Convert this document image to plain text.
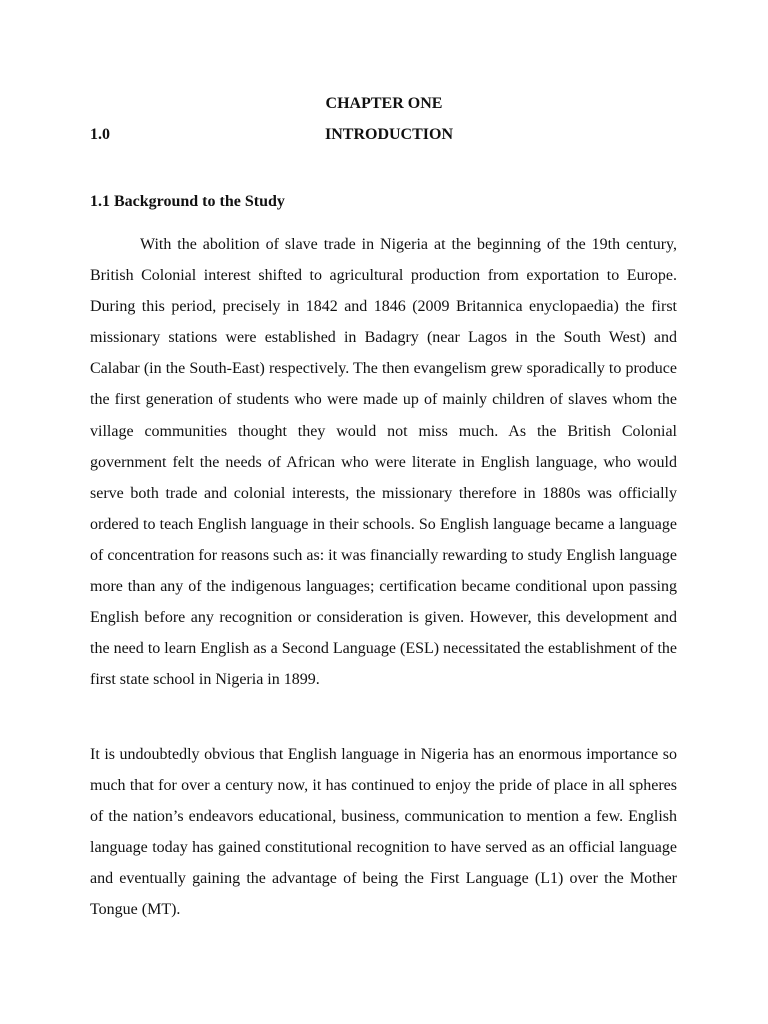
CHAPTER ONE
1.0	INTRODUCTION
1.1 Background to the Study

With the abolition of slave trade in Nigeria at the beginning of the 19th century, British Colonial interest shifted to agricultural production from exportation to Europe. During this period, precisely in 1842 and 1846 (2009 Britannica enyclopaedia) the first missionary stations were established in Badagry (near Lagos in the South West) and Calabar (in the South-East) respectively. The then evangelism grew sporadically to produce the first generation of students who were made up of mainly children of slaves whom the village communities thought they would not miss much. As the British Colonial government felt the needs of African who were literate in English language, who would serve both trade and colonial interests, the missionary therefore in 1880s was officially ordered to teach English language in their schools. So English language became a language of concentration for reasons such as: it was financially rewarding to study English language more than any of the indigenous languages; certification became conditional upon passing English before any recognition or consideration is given. However, this development and the need to learn English as a Second Language (ESL) necessitated the establishment of the first state school in Nigeria in 1899.

It is undoubtedly obvious that English language in Nigeria has an enormous importance so much that for over a century now, it has continued to enjoy the pride of place in all spheres of the nation’s endeavors educational, business, communication to mention a few. English language today has gained constitutional recognition to have served as an official language and eventually gaining the advantage of being the First Language (L1) over the Mother Tongue (MT).
